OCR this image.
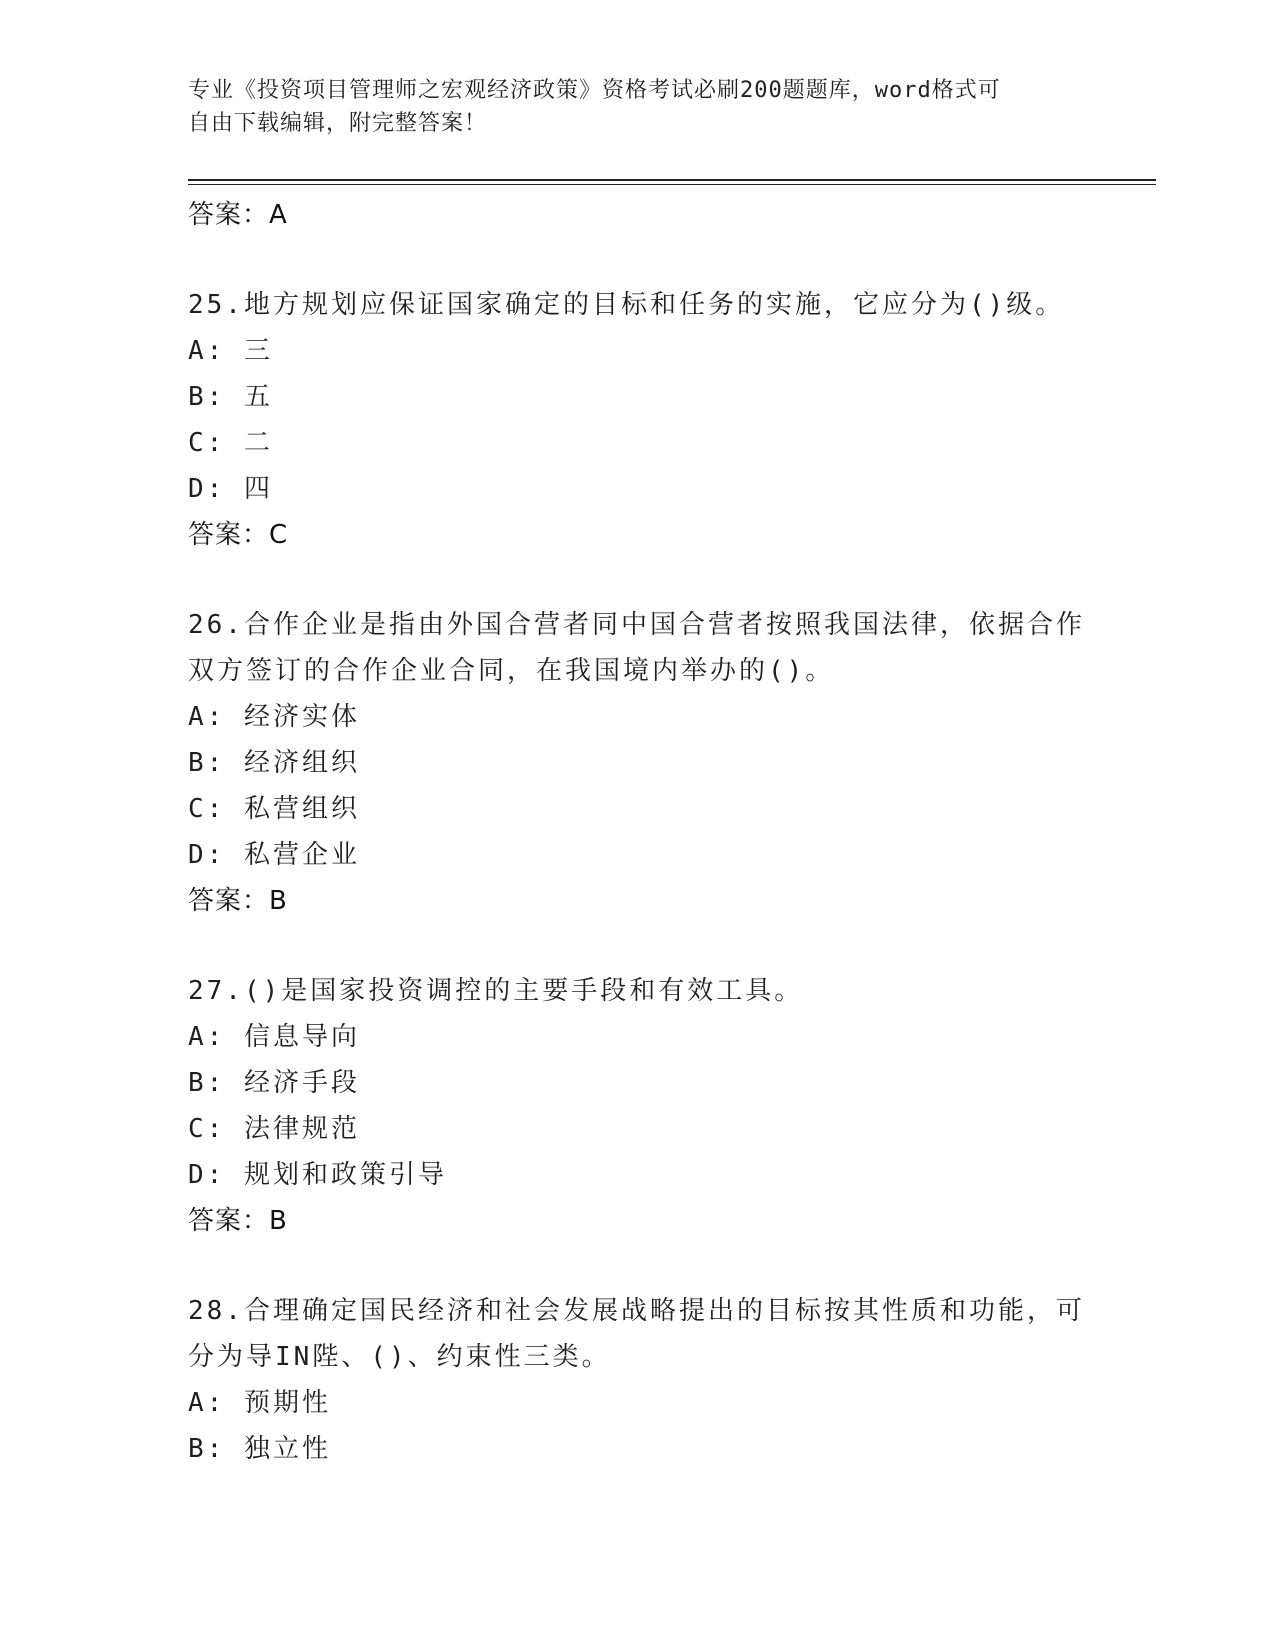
专业《投资项目管理师之宏观经济政策》资格考试必刷200题题库，word格式可
自由下载编辑，附完整答案！
答案：A
25.地方规划应保证国家确定的目标和任务的实施，它应分为()级。
A: 三
B: 五
C: 二
D: 四
答案：C
26.合作企业是指由外国合营者同中国合营者按照我国法律，依据合作
双方签订的合作企业合同，在我国境内举办的()。
A: 经济实体
B: 经济组织
C: 私营组织
D: 私营企业
答案：B
27.()是国家投资调控的主要手段和有效工具。
A: 信息导向
B: 经济手段
C: 法律规范
D: 规划和政策引导
答案：B
28.合理确定国民经济和社会发展战略提出的目标按其性质和功能，可
分为导IN陛、()、约束性三类。
A: 预期性
B: 独立性
